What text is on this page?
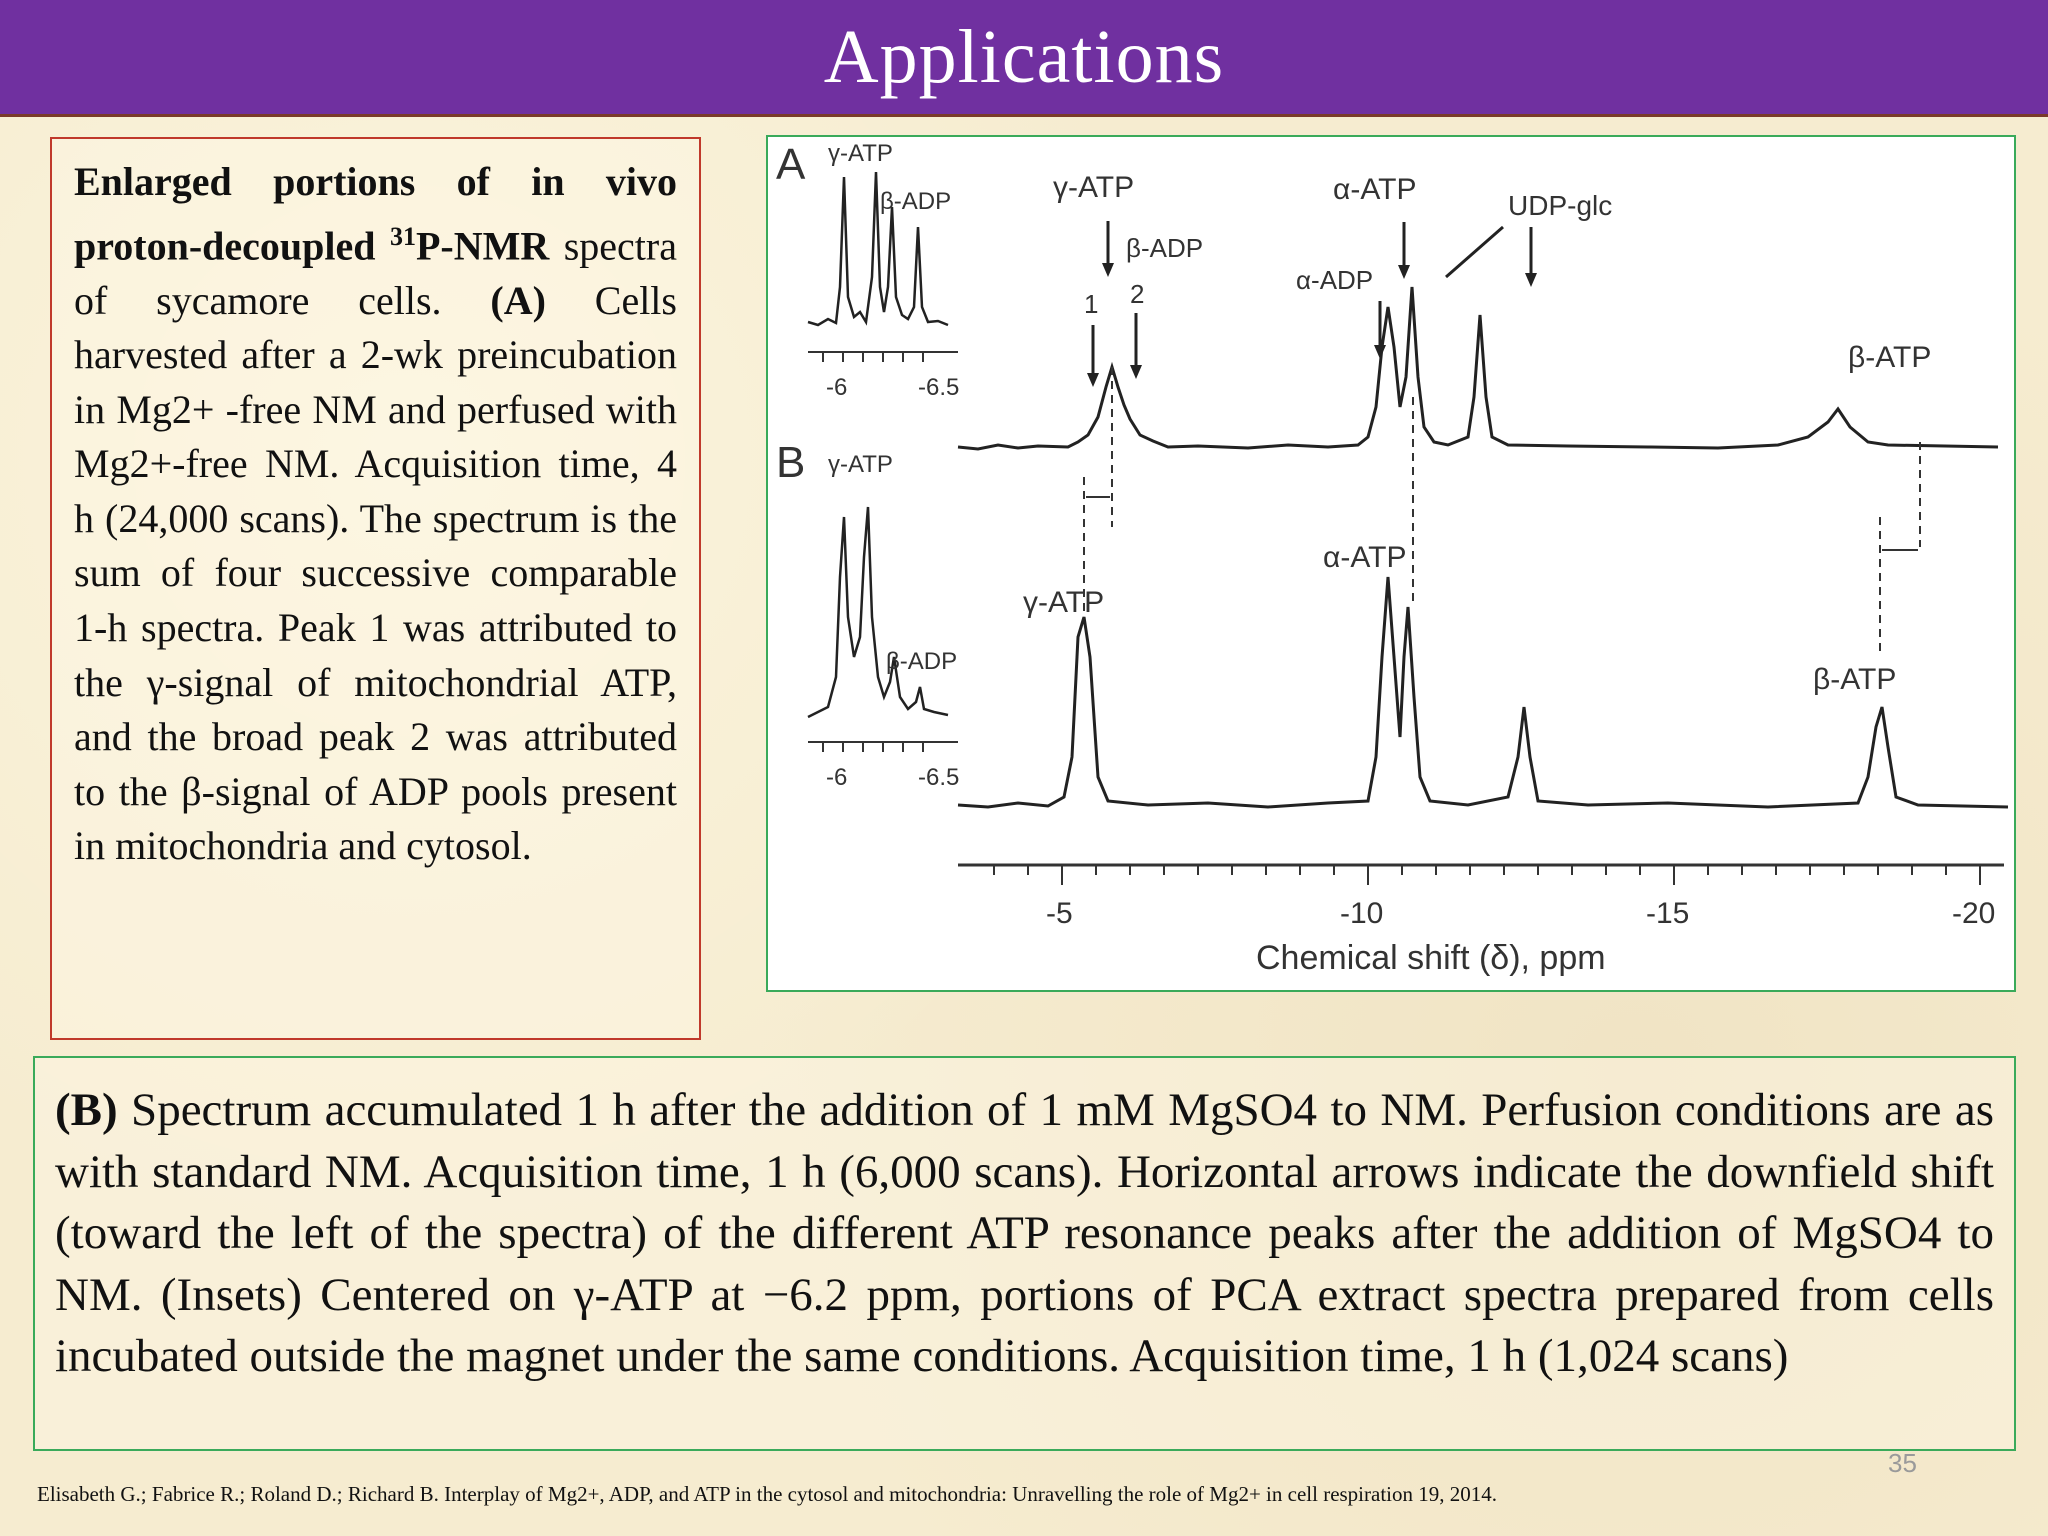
Applications

Enlarged portions of in vivo proton-decoupled $^{31}$P-NMR spectra of sycamore cells. (A) Cells harvested after a 2-wk preincubation in Mg2+ -free NM and perfused with Mg2+-free NM. Acquisition time, 4 h (24,000 scans). The spectrum is the sum of four successive comparable 1-h spectra. Peak 1 was attributed to the γ-signal of mitochondrial ATP, and the broad peak 2 was attributed to the β-signal of ADP pools present in mitochondria and cytosol.

A γ-ATP
β-ADP
-6	-6.5
γ-ATP
β-ADP
1 2
α-ATP
α-ADP
UDP-glc
β-ATP
B γ-ATP
β-ADP
-6	-6.5
γ-ATP
α-ATP
β-ATP
-5	-10	-15	-20
Chemical shift (δ), ppm

(B) Spectrum accumulated 1 h after the addition of 1 mM MgSO4 to NM. Perfusion conditions are as with standard NM. Acquisition time, 1 h (6,000 scans). Horizontal arrows indicate the downfield shift (toward the left of the spectra) of the different ATP resonance peaks after the addition of MgSO4 to NM. (Insets) Centered on γ-ATP at −6.2 ppm, portions of PCA extract spectra prepared from cells incubated outside the magnet under the same conditions. Acquisition time, 1 h (1,024 scans)

35
Elisabeth G.; Fabrice R.; Roland D.; Richard B. Interplay of Mg2+, ADP, and ATP in the cytosol and mitochondria: Unravelling the role of Mg2+ in cell respiration 19, 2014.
